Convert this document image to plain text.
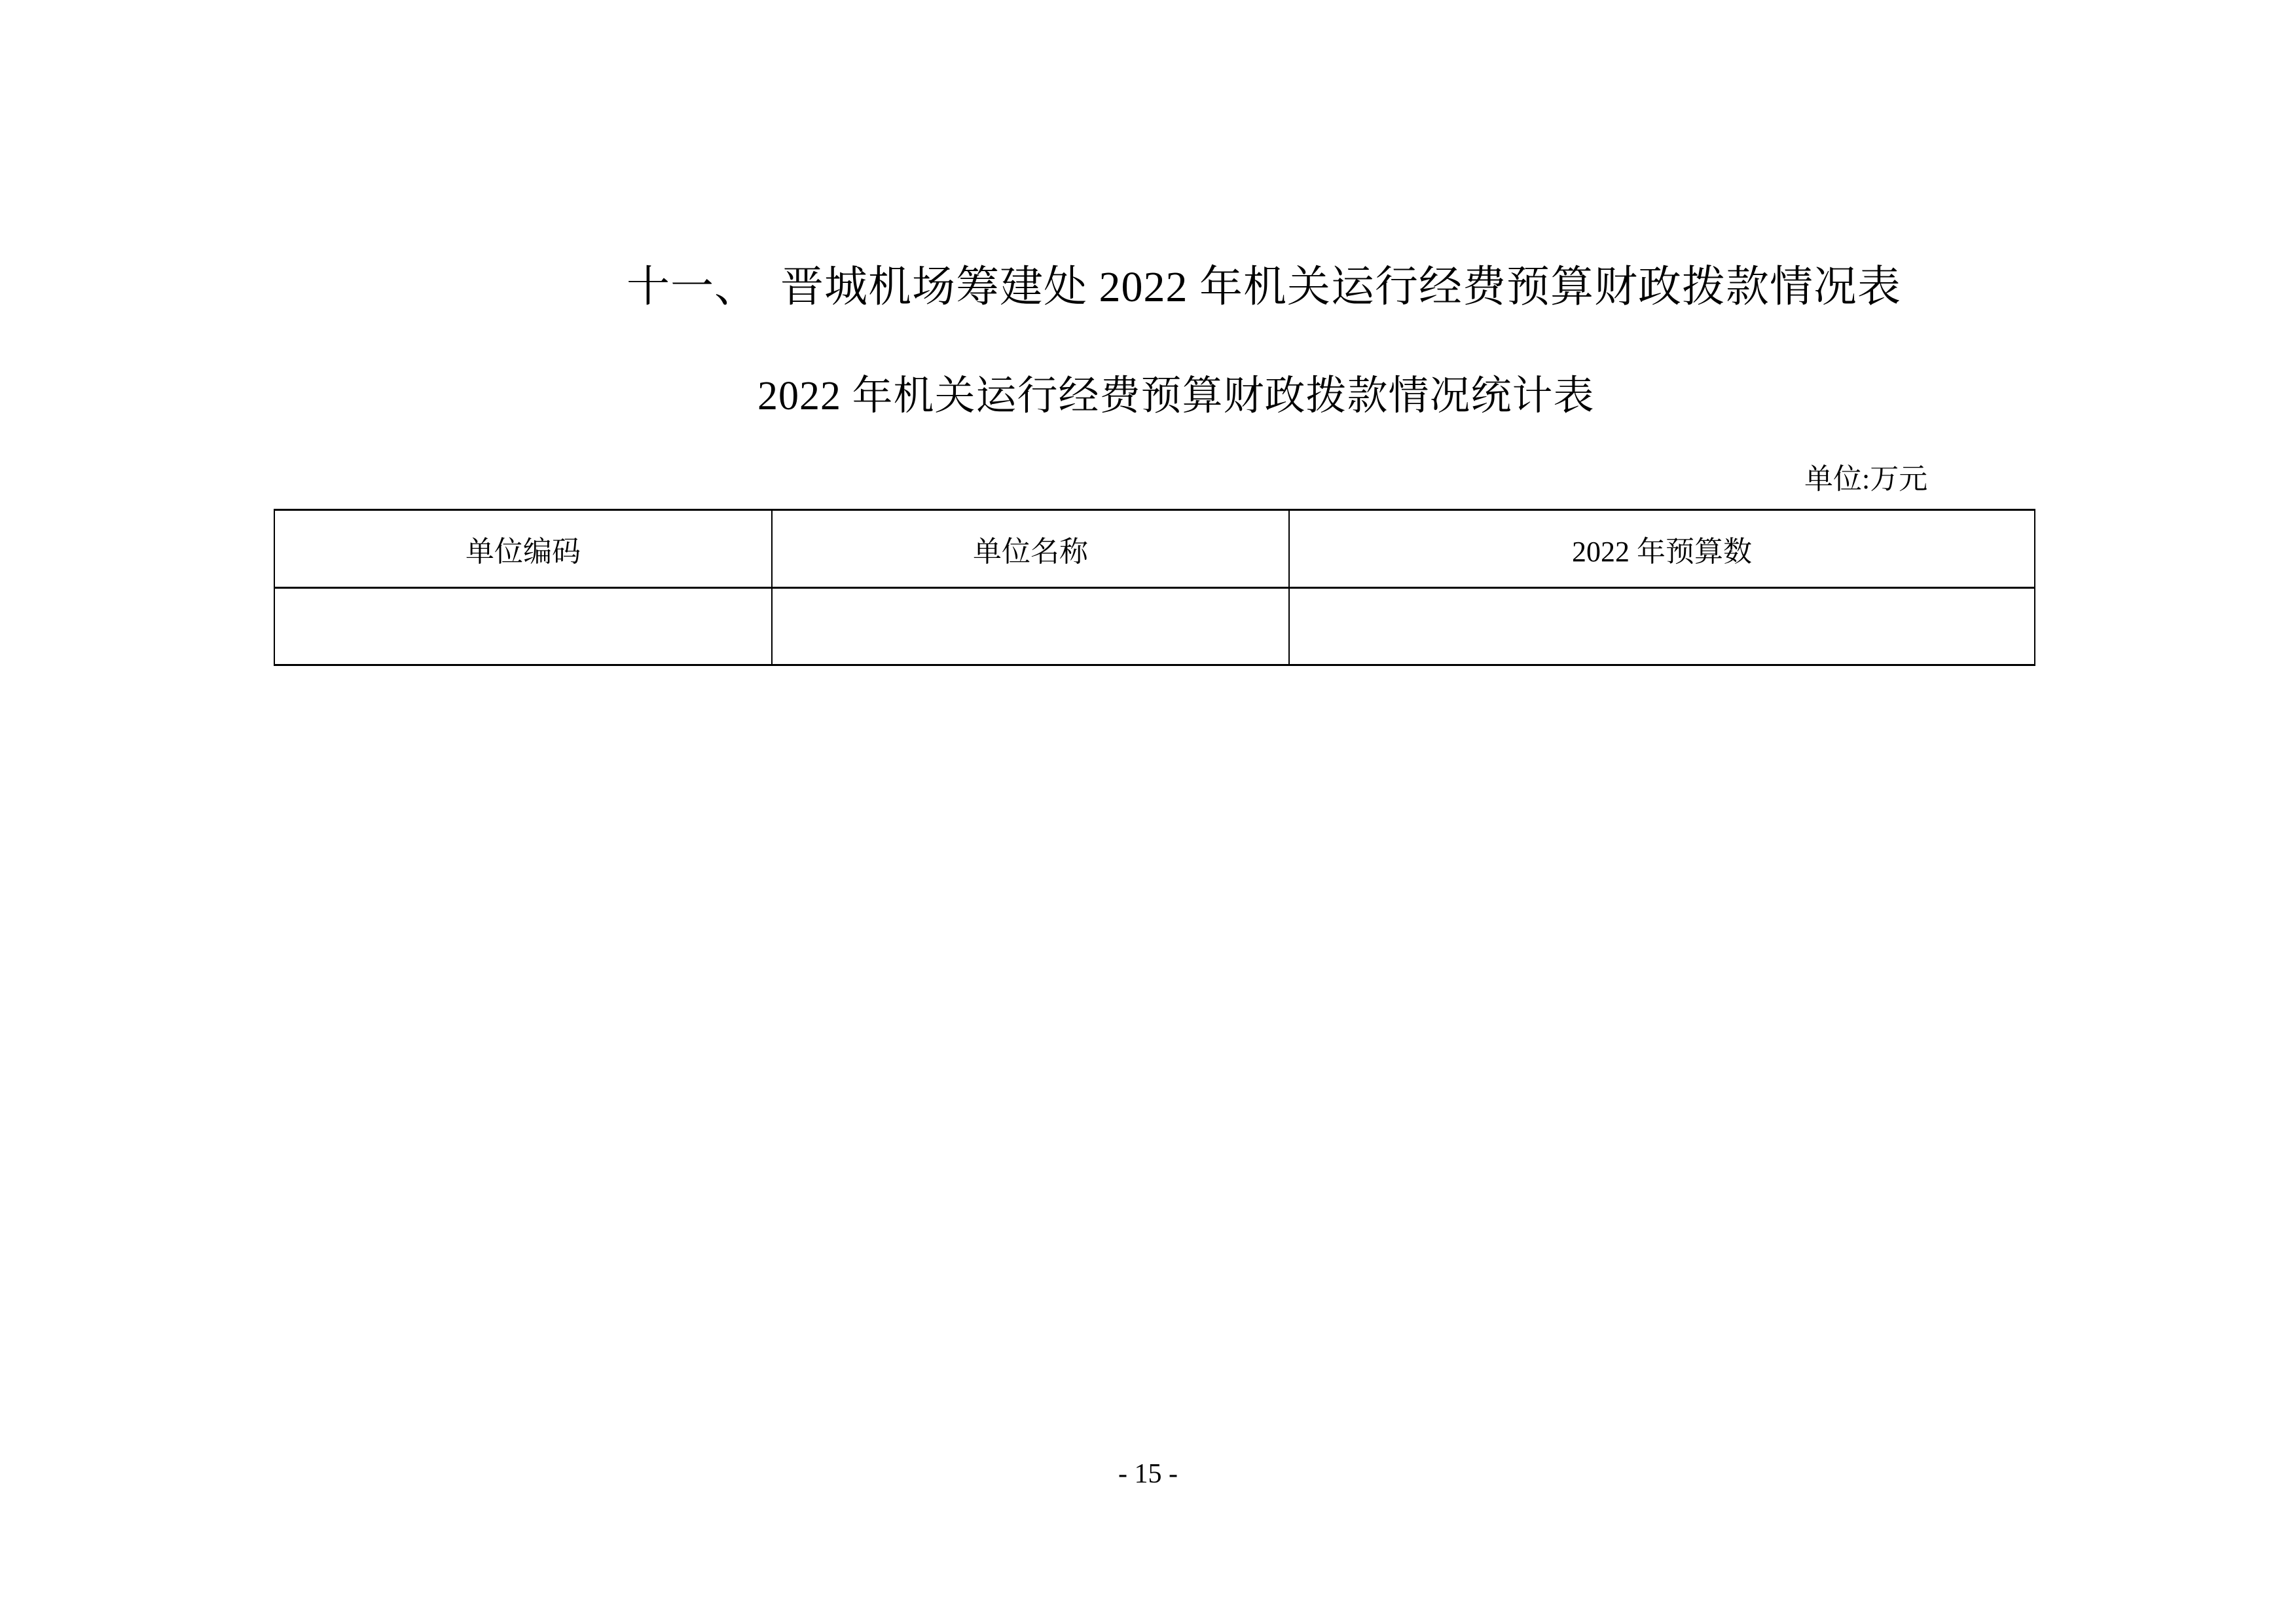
十一、　晋城机场筹建处 2022 年机关运行经费预算财政拨款情况表
2022 年机关运行经费预算财政拨款情况统计表
单位:万元
单位编码	单位名称	2022 年预算数

- 15 -
